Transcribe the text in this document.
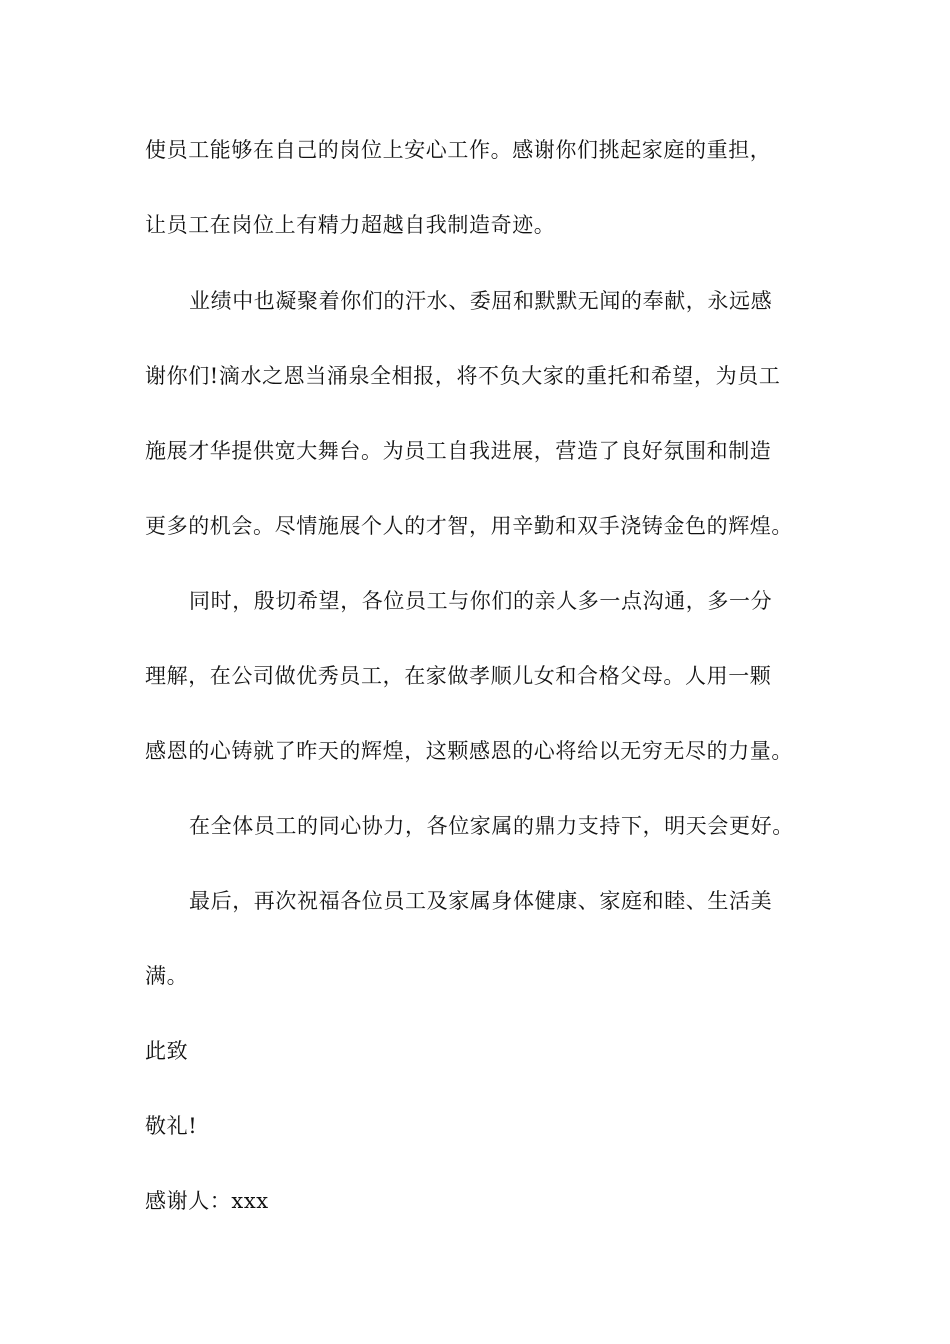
使员工能够在自己的岗位上安心工作。感谢你们挑起家庭的重担，
让员工在岗位上有精力超越自我制造奇迹。
业绩中也凝聚着你们的汗水、委屈和默默无闻的奉献，永远感
谢你们!滴水之恩当涌泉全相报，将不负大家的重托和希望，为员工
施展才华提供宽大舞台。为员工自我进展，营造了良好氛围和制造
更多的机会。尽情施展个人的才智，用辛勤和双手浇铸金色的辉煌。
同时，殷切希望，各位员工与你们的亲人多一点沟通，多一分
理解，在公司做优秀员工，在家做孝顺儿女和合格父母。人用一颗
感恩的心铸就了昨天的辉煌，这颗感恩的心将给以无穷无尽的力量。
在全体员工的同心协力，各位家属的鼎力支持下，明天会更好。
最后，再次祝福各位员工及家属身体健康、家庭和睦、生活美
满。
此致
敬礼!
感谢人：xxx
